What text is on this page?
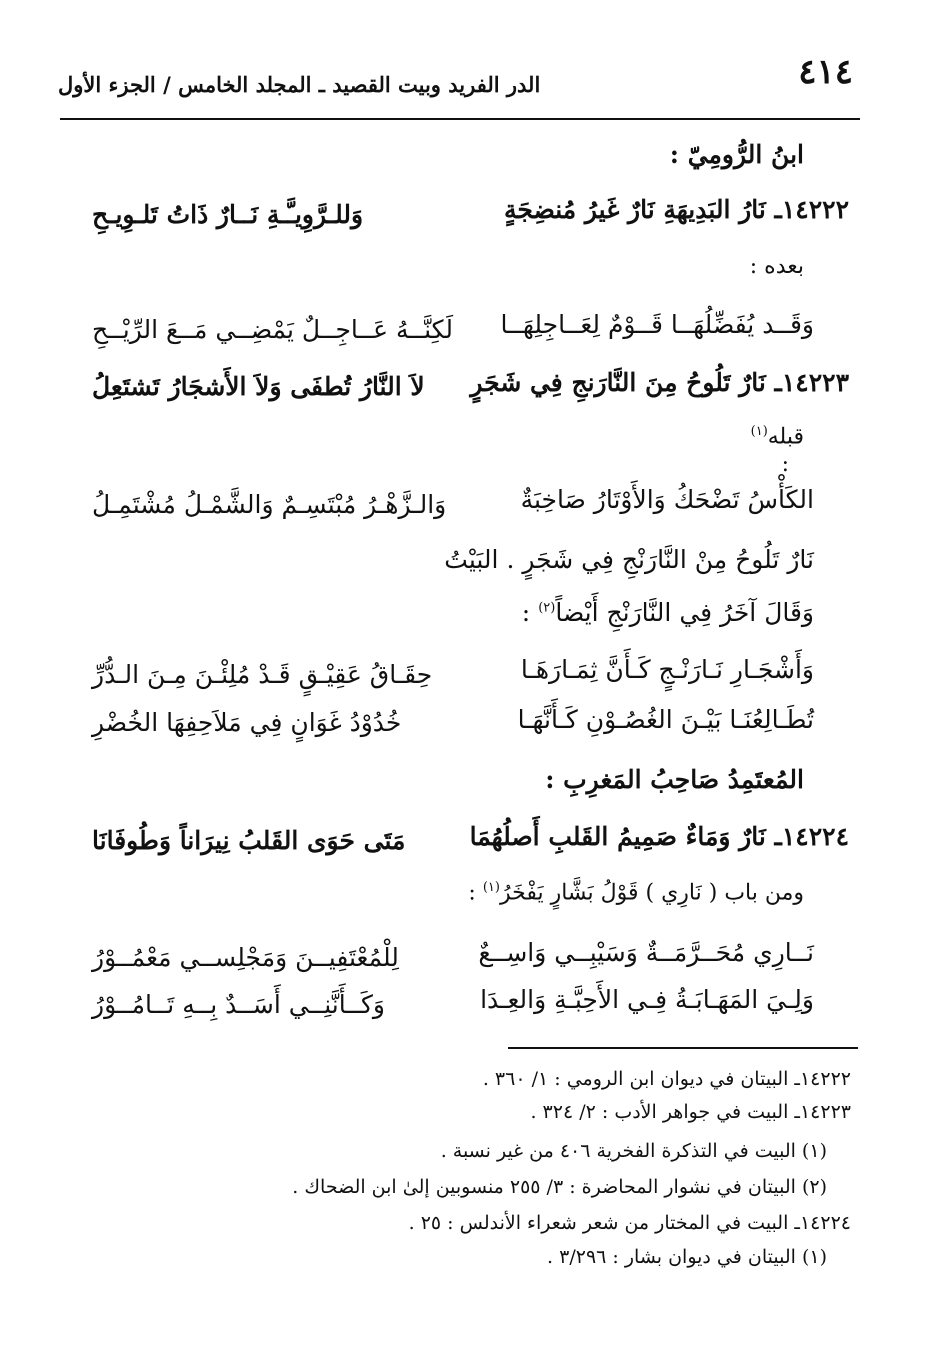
٤١٤
الدر الفريد وبيت القصيد ـ المجلد الخامس / الجزء الأول
ابنُ الرُّومِيّ :
١٤٢٢٢ـ نَارُ البَدِيهَةِ نَارٌ غَيرُ مُنضِجَةٍ
وَللـرَّوِيـَّـةِ نَــارٌ ذَاتُ تَلـوِيـحِ
بعده :
وَقَــد يُفَضِّلُهَــا قَــوْمٌ لِعَــاجِلِهَــا
لَكِنَّــهُ عَــاجِــلٌ يَمْضِــي مَــعَ الرِّيْــحِ
١٤٢٢٣ـ نَارٌ تَلُوحُ مِنَ النَّارَنجِ فِي شَجَرٍ
لاَ النَّارُ تُطفَى وَلاَ الأَشجَارُ تَشتَعِلُ
قبله$^{(١)}$
:
الكَأْسُ تَضْحَكُ وَالأَوْتَارُ صَاخِبَةٌ
وَالـزَّهْـرُ مُبْتَسِـمٌ وَالشَّمْـلُ مُشْتَمِـلُ
نَارٌ تَلُوحُ مِنْ النَّارَنْجِ فِي شَجَرٍ . البَيْتُ
وَقَالَ آخَرُ فِي النَّارَنْجِ أَيْضاً$^{(٢)}$ :
وَأَشْجَـارِ نَـارَنْـجٍ كَـأَنَّ ثِمَـارَهَـا
حِقَـاقُ عَقِيْـقٍ قَـدْ مُلِئْـنَ مِـنَ الـدُّرِّ
تُطَـالِعُنَـا بَيْـنَ الغُصُـوْنِ كَـأَنَّهَـا
خُدُوْدُ غَوَانٍ فِي مَلاَحِفِهَا الخُضْرِ
المُعتَمِدُ صَاحِبُ المَغرِبِ :
١٤٢٢٤ـ نَارٌ وَمَاءٌ صَمِيمُ القَلبِ أَصلُهُمَا
مَتَى حَوَى القَلبُ نِيرَاناً وَطُوفَانَا
ومن باب ( نَارِي ) قَوْلُ بَشَّارٍ يَفْخَرُ$^{(١)}$ :
نَــارِي مُحَــرَّمَــةٌ وَسَيْبِــي وَاسِــعٌ
لِلْمُعْتَفِيــنَ وَمَجْلِســي مَعْمُــوْرُ
وَلِـيَ المَهَـابَـةُ فِـي الأَحِبَّـةِ وَالعِـدَا
وَكَــأَنَّنِــي أَسَــدٌ بِــهِ تَــامُــوْرُ
١٤٢٢٢ـ البيتان في ديوان ابن الرومي : ١/ ٣٦٠ .
١٤٢٢٣ـ البيت في جواهر الأدب : ٢/ ٣٢٤ .
(١) البيت في التذكرة الفخرية ٤٠٦ من غير نسبة .
(٢) البيتان في نشوار المحاضرة : ٣/ ٢٥٥ منسوبين إلىٰ ابن الضحاك .
١٤٢٢٤ـ البيت في المختار من شعر شعراء الأندلس : ٢٥ .
(١) البيتان في ديوان بشار : ٣/٢٩٦ .
